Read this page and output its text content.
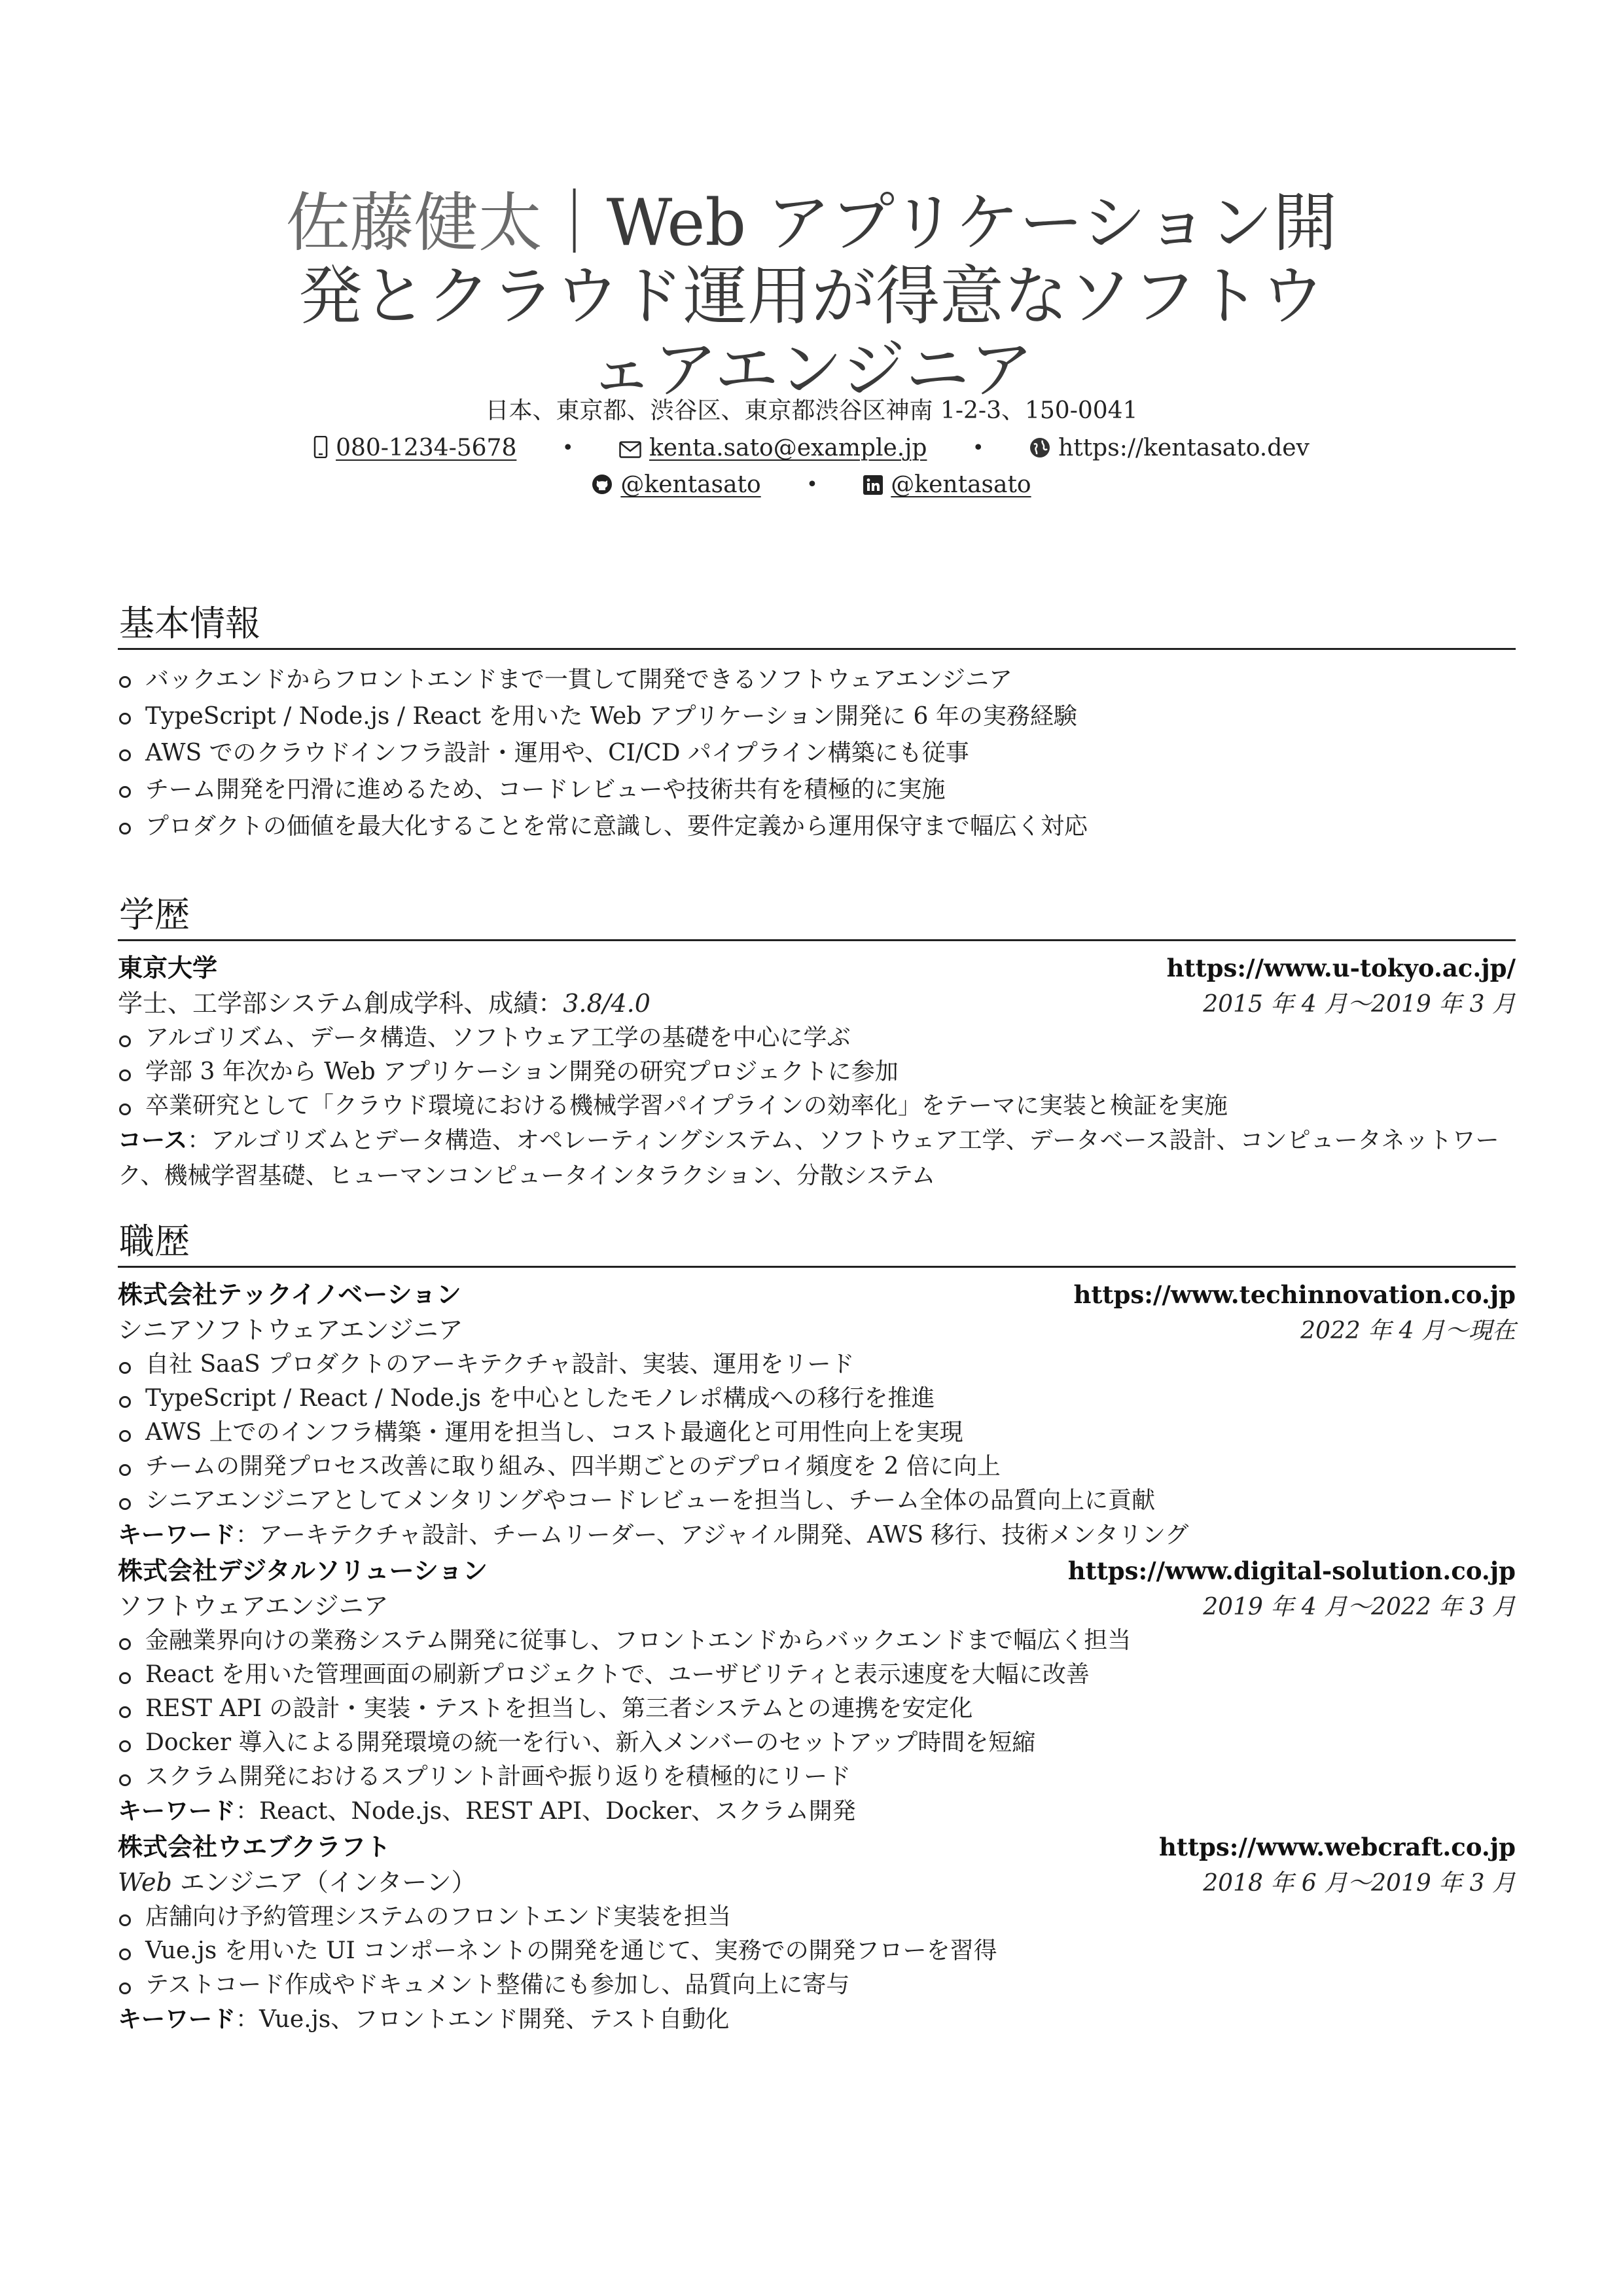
佐藤健太｜Web アプリケーション開
発とクラウド運用が得意なソフトウ
ェアエンジニア
日本、東京都、渋谷区、東京都渋谷区神南 1-2-3、150-0041
080-1234-5678 •	kenta.sato@example.jp •	https://kentasato.dev
@kentasato •	@kentasato
基本情報
バックエンドからフロントエンドまで一貫して開発できるソフトウェアエンジニア
TypeScript / Node.js / React を用いた Web アプリケーション開発に 6 年の実務経験
AWS でのクラウドインフラ設計・運用や、CI/CD パイプライン構築にも従事
チーム開発を円滑に進めるため、コードレビューや技術共有を積極的に実施
プロダクトの価値を最大化することを常に意識し、要件定義から運用保守まで幅広く対応
学歴
東京大学	https://www.u-tokyo.ac.jp/
学士、工学部システム創成学科、成績：3.8/4.0	2015 年 4 月〜2019 年 3 月
アルゴリズム、データ構造、ソフトウェア工学の基礎を中心に学ぶ
学部 3 年次から Web アプリケーション開発の研究プロジェクトに参加
卒業研究として「クラウド環境における機械学習パイプラインの効率化」をテーマに実装と検証を実施
コース：アルゴリズムとデータ構造、オペレーティングシステム、ソフトウェア工学、データベース設計、コンピュータネットワー
ク、機械学習基礎、ヒューマンコンピュータインタラクション、分散システム
職歴
株式会社テックイノベーション	https://www.techinnovation.co.jp
シニアソフトウェアエンジニア	2022 年 4 月〜現在
自社 SaaS プロダクトのアーキテクチャ設計、実装、運用をリード
TypeScript / React / Node.js を中心としたモノレポ構成への移行を推進
AWS 上でのインフラ構築・運用を担当し、コスト最適化と可用性向上を実現
チームの開発プロセス改善に取り組み、四半期ごとのデプロイ頻度を 2 倍に向上
シニアエンジニアとしてメンタリングやコードレビューを担当し、チーム全体の品質向上に貢献
キーワード：アーキテクチャ設計、チームリーダー、アジャイル開発、AWS 移行、技術メンタリング
株式会社デジタルソリューション	https://www.digital-solution.co.jp
ソフトウェアエンジニア	2019 年 4 月〜2022 年 3 月
金融業界向けの業務システム開発に従事し、フロントエンドからバックエンドまで幅広く担当
React を用いた管理画面の刷新プロジェクトで、ユーザビリティと表示速度を大幅に改善
REST API の設計・実装・テストを担当し、第三者システムとの連携を安定化
Docker 導入による開発環境の統一を行い、新入メンバーのセットアップ時間を短縮
スクラム開発におけるスプリント計画や振り返りを積極的にリード
キーワード：React、Node.js、REST API、Docker、スクラム開発
株式会社ウエブクラフト	https://www.webcraft.co.jp
Web エンジニア（インターン）	2018 年 6 月〜2019 年 3 月
店舗向け予約管理システムのフロントエンド実装を担当
Vue.js を用いた UI コンポーネントの開発を通じて、実務での開発フローを習得
テストコード作成やドキュメント整備にも参加し、品質向上に寄与
キーワード：Vue.js、フロントエンド開発、テスト自動化
